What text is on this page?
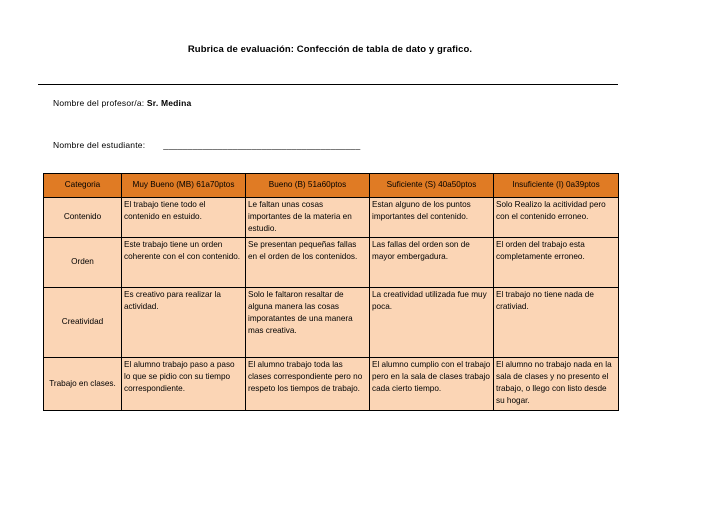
Rubrica de evaluación: Confección de tabla de dato y grafico.
Nombre del profesor/a: Sr. Medina
Nombre del estudiante: ________________________________________
Categoria	Muy Bueno (MB) 61a70ptos	Bueno (B) 51a60ptos	Suficiente (S) 40a50ptos	Insuficiente (I) 0a39ptos
Contenido	El trabajo tiene todo el contenido en estuido.	Le faltan unas cosas importantes de la materia en estudio.	Estan alguno de los puntos importantes del contenido.	Solo Realizo la acitividad pero con el contenido erroneo.
Orden	Este trabajo tiene un orden coherente con el con contenido.	Se presentan pequeñas fallas en el orden de los contenidos.	Las fallas del orden son de mayor embergadura.	El orden del trabajo esta completamente erroneo.
Creatividad	Es creativo para realizar la actividad.	Solo le faltaron resaltar de alguna manera las cosas imporatantes de una manera mas creativa.	La creatividad utilizada fue muy poca.	El trabajo no tiene nada de crativiad.
Trabajo en clases.	El alumno trabajo paso a paso lo que se pidio con su tiempo correspondiente.	El alumno trabajo toda las clases correspondiente pero no respeto los tiempos de trabajo.	El alumno cumplio con el trabajo pero en la sala de clases trabajo cada cierto tiempo.	El alumno no trabajo nada en la sala de clases y no presento el trabajo, o llego con listo desde su hogar.
